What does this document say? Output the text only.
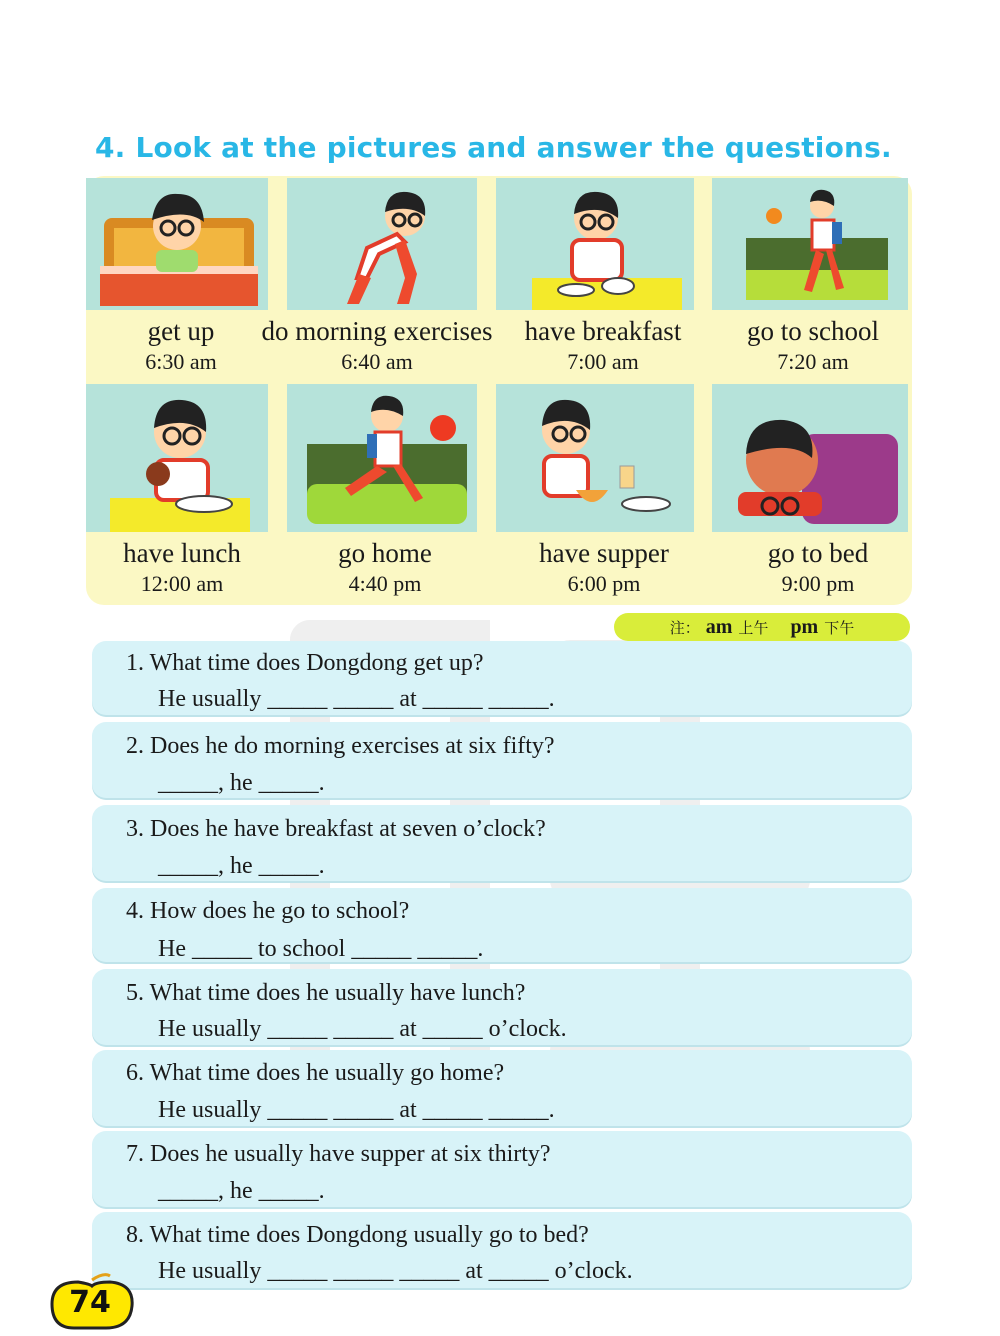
4. Look at the pictures and answer the questions.
get up
6:30 am
do morning exercises
6:40 am
have breakfast
7:00 am
go to school
7:20 am
have lunch
12:00 am
go home
4:40 pm
have supper
6:00 pm
go to bed
9:00 pm
注： am 上午 pm 下午
1. What time does Dongdong get up?
He usually _____ _____ at _____ _____.
2. Does he do morning exercises at six fifty?
_____, he _____.
3. Does he have breakfast at seven o’clock?
_____, he _____.
4. How does he go to school?
He _____ to school _____ _____.
5. What time does he usually have lunch?
He usually _____ _____ at _____ o’clock.
6. What time does he usually go home?
He usually _____ _____ at _____ _____.
7. Does he usually have supper at six thirty?
_____, he _____.
8. What time does Dongdong usually go to bed?
He usually _____ _____ _____ at _____ o’clock.
74
